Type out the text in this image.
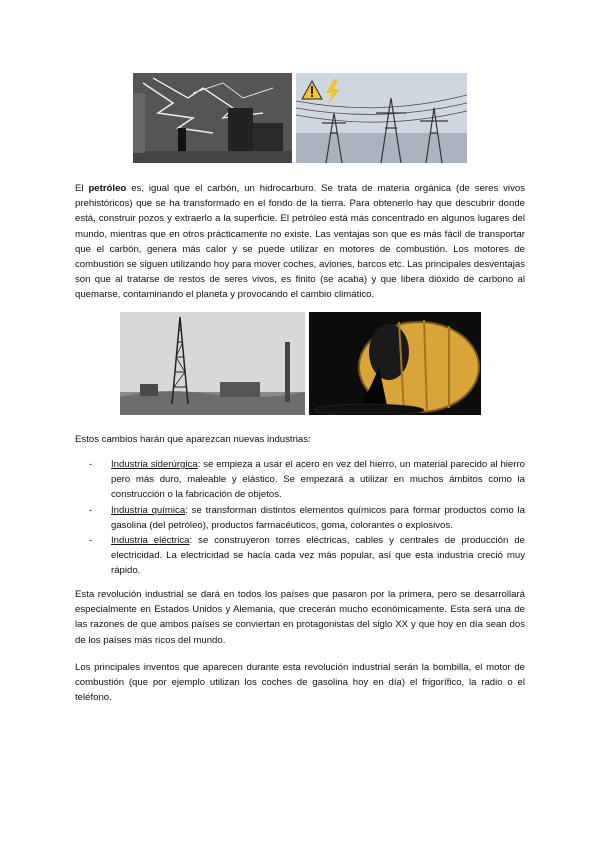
El petróleo es, igual que el carbón, un hidrocarburo. Se trata de materia orgánica (de seres vivos prehistóricos) que se ha transformado en el fondo de la tierra. Para obtenerlo hay que descubrir donde está, construir pozos y extraerlo a la superficie. El petróleo está más concentrado en algunos lugares del mundo, mientras que en otros prácticamente no existe. Las ventajas son que es más fácil de transportar que el carbón, genera más calor y se puede utilizar en motores de combustión. Los motores de combustión se siguen utilizando hoy para mover coches, aviones, barcos etc. Las principales desventajas son que al tratarse de restos de seres vivos, es finito (se acaba) y que libera dióxido de carbono al quemarse, contaminando el planeta y provocando el cambio climático.

Estos cambios harán que aparezcan nuevas industrias:

- Industria siderúrgica: se empieza a usar el acero en vez del hierro, un material parecido al hierro pero más duro, maleable y elástico. Se empezará a utilizar en muchos ámbitos como la construcción o la fabricación de objetos.
- Industria química: se transforman distintos elementos químicos para formar productos como la gasolina (del petróleo), productos farmacéuticos, goma, colorantes o explosivos.
- Industria eléctrica: se construyeron torres eléctricas, cables y centrales de producción de electricidad. La electricidad se hacía cada vez más popular, así que esta industria creció muy rápido.

Esta revolución industrial se dará en todos los países que pasaron por la primera, pero se desarrollará especialmente en Estados Unidos y Alemania, que crecerán mucho económicamente. Esta será una de las razones de que ambos países se conviertan en protagonistas del siglo XX y que hoy en día sean dos de los países más ricos del mundo.

Los principales inventos que aparecen durante esta revolución industrial serán la bombilla, el motor de combustión (que por ejemplo utilizan los coches de gasolina hoy en día) el frigorífico, la radio o el teléfono.
